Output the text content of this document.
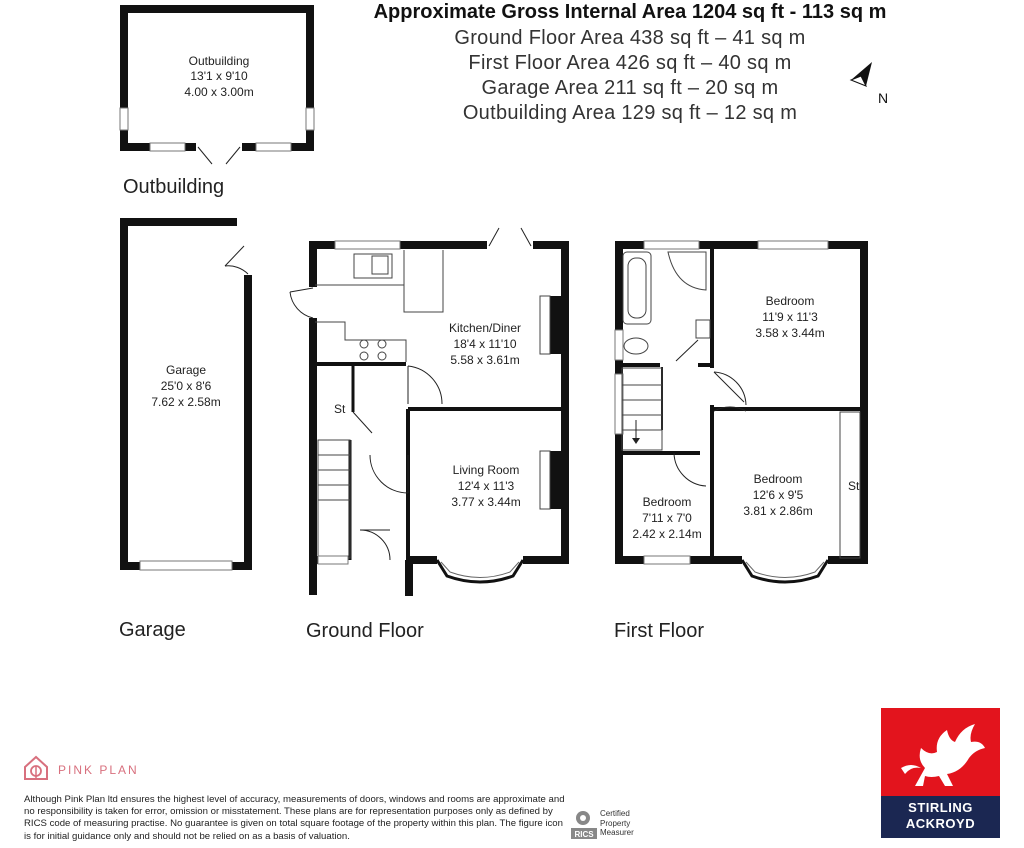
Approximate Gross Internal Area 1204 sq ft - 113 sq m
Ground Floor Area 438 sq ft – 41 sq m
First Floor Area 426 sq ft – 40 sq m
Garage Area 211 sq ft – 20 sq m
Outbuilding Area 129 sq ft – 12 sq m
N
Outbuilding
13'1 x 9'10
4.00 x 3.00m
Garage
25'0 x 8'6
7.62 x 2.58m	St
Kitchen/Diner
18'4 x 11'10
5.58 x 3.61m
Living Room
12'4 x 11'3
3.77 x 3.44m
Bedroom
11'9 x 11'3
3.58 x 3.44m
Bedroom
12'6 x 9'5
3.81 x 2.86m
Bedroom
7'11 x 7'0
2.42 x 2.14m
St
Outbuilding
Garage	Ground Floor	First Floor
PINK PLAN
Although Pink Plan ltd ensures the highest level of accuracy, measurements of doors, windows and rooms are approximate and no responsibility is taken for error, omission or misstatement. These plans are for representation purposes only as defined by RICS code of measuring practise. No guarantee is given on total square footage of the property within this plan. The figure icon is for initial guidance only and should not be relied on as a basis of valuation.	RICS
Certified
Property
Measurer
STIRLING
ACKROYD
